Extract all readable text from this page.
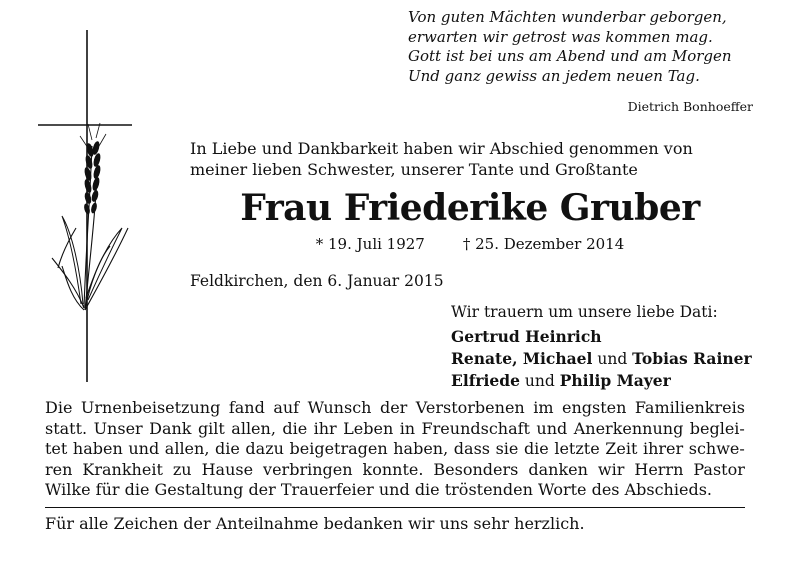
Von guten Mächten wunderbar geborgen,
erwarten wir getrost was kommen mag.
Gott ist bei uns am Abend und am Morgen
Und ganz gewiss an jedem neuen Tag.
Dietrich Bonhoeffer
In Liebe und Dankbarkeit haben wir Abschied genommen von
meiner lieben Schwester, unserer Tante und Großtante
Frau Friederike Gruber
* 19. Juli 1927	† 25. Dezember 2014
Feldkirchen, den 6. Januar 2015
Wir trauern um unsere liebe Dati:
Gertrud Heinrich
Renate, Michael und Tobias Rainer
Elfriede und Philip Mayer
Die Urnenbeisetzung fand auf Wunsch der Verstorbenen im engsten Familienkreis
statt. Unser Dank gilt allen, die ihr Leben in Freundschaft und Anerkennung beglei-
tet haben und allen, die dazu beigetragen haben, dass sie die letzte Zeit ihrer schwe-
ren Krankheit zu Hause verbringen konnte. Besonders danken wir Herrn Pastor
Wilke für die Gestaltung der Trauerfeier und die tröstenden Worte des Abschieds.
Für alle Zeichen der Anteilnahme bedanken wir uns sehr herzlich.
